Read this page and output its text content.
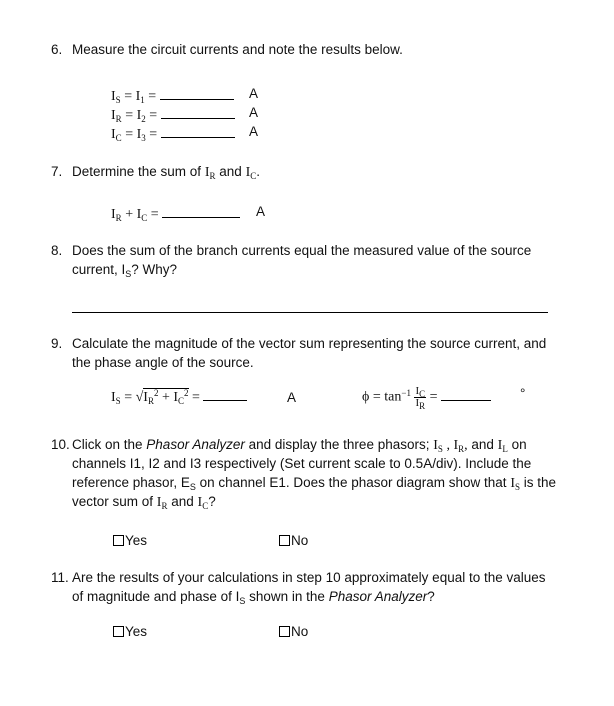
6. Measure the circuit currents and note the results below.
$I_S = I_1$ =	A
$I_R = I_2$ =	A
$I_C = I_3$ =	A
7. Determine the sum of $I_R$ and $I_C$.
$I_R + I_C$ =	A
8. Does the sum of the branch currents equal the measured value of the source
current, $I_S$? Why?
9. Calculate the magnitude of the vector sum representing the source current, and
the phase angle of the source.
$I_S = √I_R^2 + I_C^2$ =	A	$\phi = \tan^{-1} \frac{I_C}{I_R}$ =	°
10. Click on the Phasor Analyzer and display the three phasors; $I_S$ , $I_R$, and $I_L$ on
channels I1, I2 and I3 respectively (Set current scale to 0.5A/div). Include the
reference phasor, $E_S$ on channel E1. Does the phasor diagram show that $I_S$ is the
vector sum of $I_R$ and $I_C$?
Yes	No
11. Are the results of your calculations in step 10 approximately equal to the values
of magnitude and phase of $I_S$ shown in the Phasor Analyzer?
Yes	No
